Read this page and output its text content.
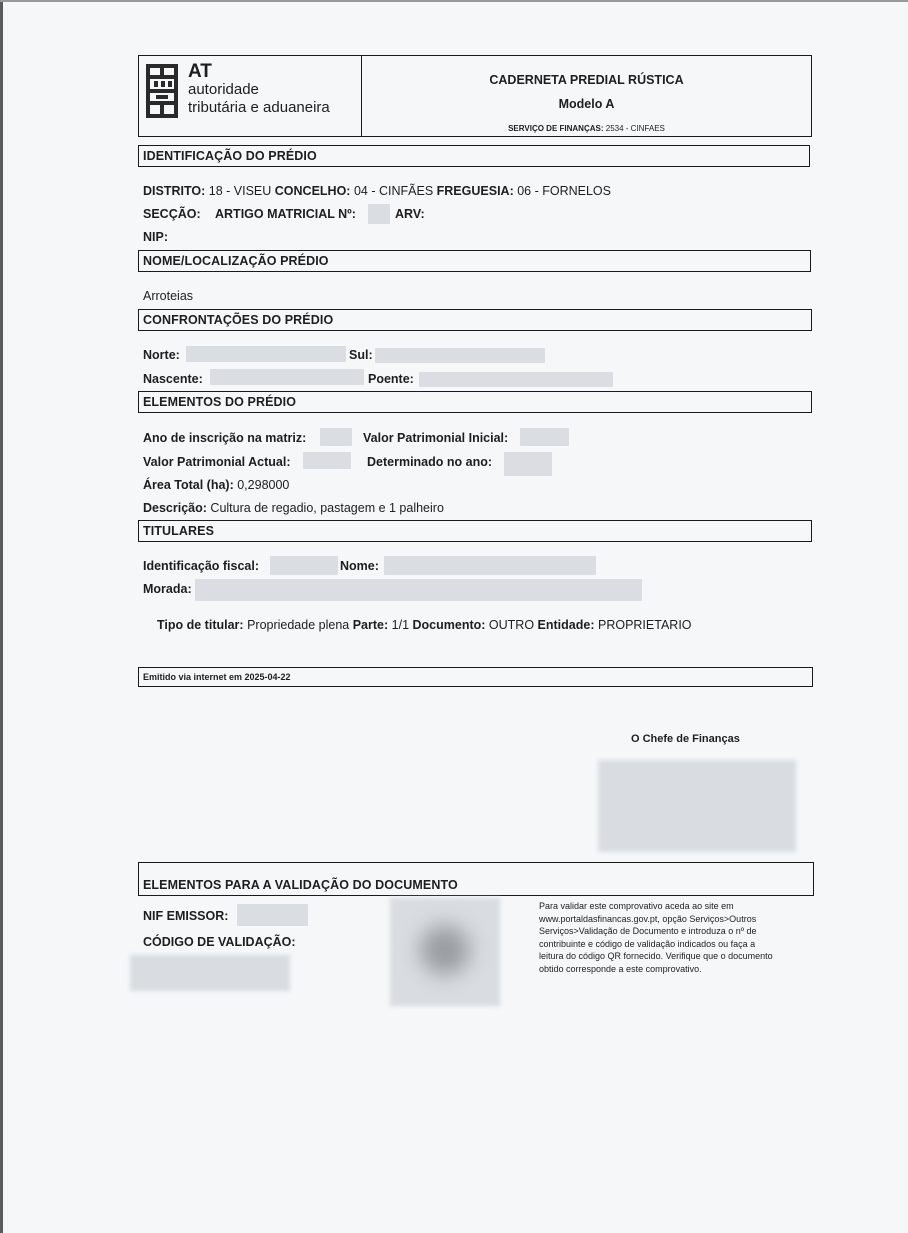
AT
autoridade
tributária e aduaneira
CADERNETA PREDIAL RÚSTICA
Modelo A
SERVIÇO DE FINANÇAS: 2534 - CINFAES
IDENTIFICAÇÃO DO PRÉDIO
DISTRITO: 18 - VISEU CONCELHO: 04 - CINFÃES FREGUESIA: 06 - FORNELOS
SECÇÃO: ARTIGO MATRICIAL Nº:	ARV:
NIP:
NOME/LOCALIZAÇÃO PRÉDIO
Arroteias
CONFRONTAÇÕES DO PRÉDIO
Norte:	Sul:
Nascente:	Poente:
ELEMENTOS DO PRÉDIO
Ano de inscrição na matriz:	Valor Patrimonial Inicial:
Valor Patrimonial Actual:	Determinado no ano:
Área Total (ha): 0,298000
Descrição: Cultura de regadio, pastagem e 1 palheiro
TITULARES
Identificação fiscal:	Nome:
Morada:
Tipo de titular: Propriedade plena Parte: 1/1 Documento: OUTRO Entidade: PROPRIETARIO
Emitido via internet em 2025-04-22
O Chefe de Finanças
ELEMENTOS PARA A VALIDAÇÃO DO DOCUMENTO
NIF EMISSOR:
CÓDIGO DE VALIDAÇÃO:
Para validar este comprovativo aceda ao site em
www.portaldasfinancas.gov.pt, opção Serviços>Outros
Serviços>Validação de Documento e introduza o nº de
contribuinte e código de validação indicados ou faça a
leitura do código QR fornecido. Verifique que o documento
obtido corresponde a este comprovativo.
